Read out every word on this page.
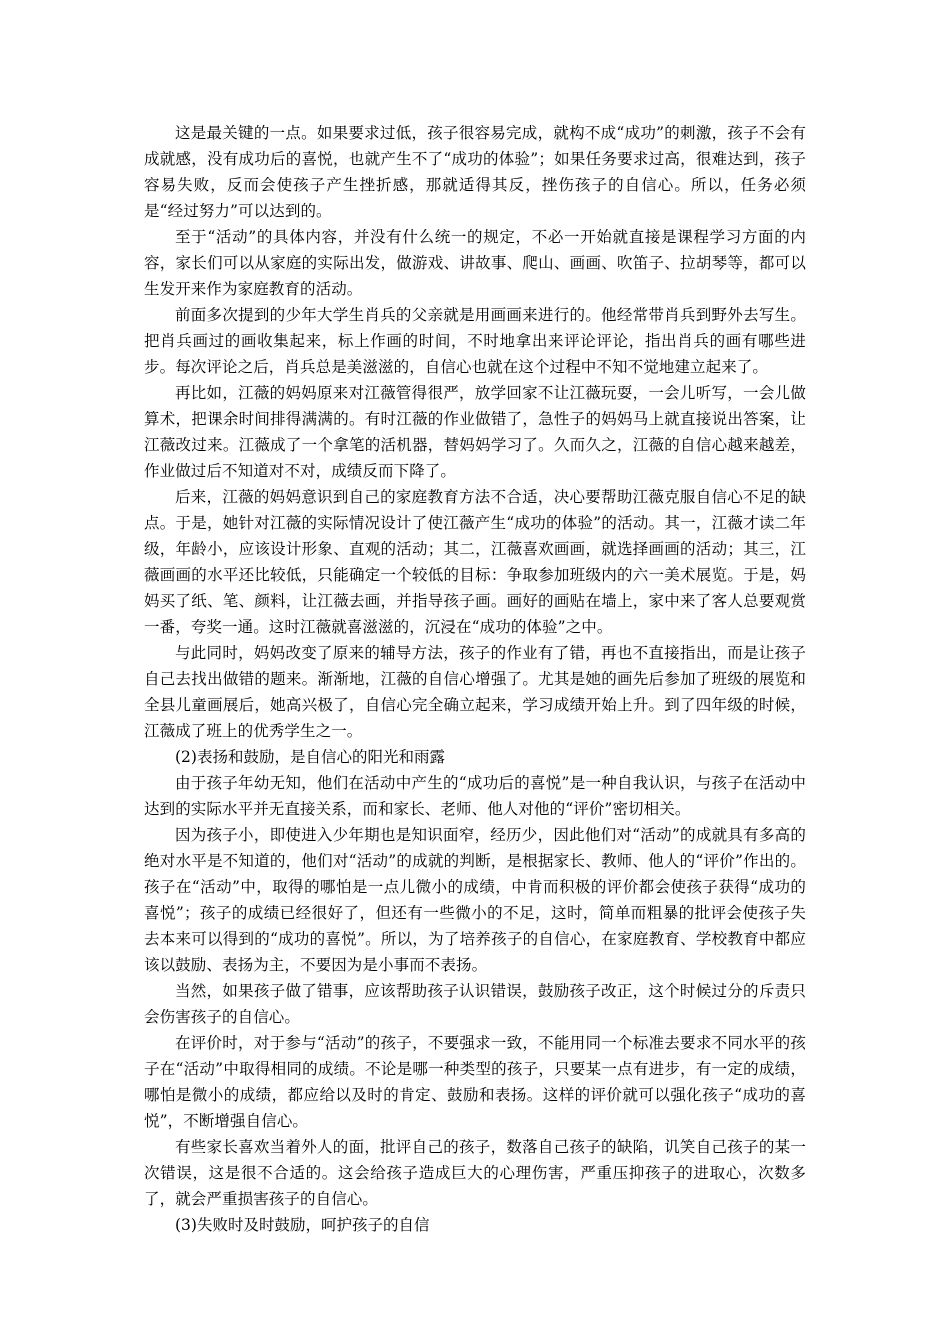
这是最关键的一点。如果要求过低，孩子很容易完成，就构不成“成功”的刺激，孩子不会有成就感，没有成功后的喜悦，也就产生不了“成功的体验”；如果任务要求过高，很难达到，孩子容易失败，反而会使孩子产生挫折感，那就适得其反，挫伤孩子的自信心。所以，任务必须是“经过努力”可以达到的。

至于“活动”的具体内容，并没有什么统一的规定，不必一开始就直接是课程学习方面的内容，家长们可以从家庭的实际出发，做游戏、讲故事、爬山、画画、吹笛子、拉胡琴等，都可以生发开来作为家庭教育的活动。

前面多次提到的少年大学生肖兵的父亲就是用画画来进行的。他经常带肖兵到野外去写生。把肖兵画过的画收集起来，标上作画的时间，不时地拿出来评论评论，指出肖兵的画有哪些进步。每次评论之后，肖兵总是美滋滋的，自信心也就在这个过程中不知不觉地建立起来了。

再比如，江薇的妈妈原来对江薇管得很严，放学回家不让江薇玩耍，一会儿听写，一会儿做算术，把课余时间排得满满的。有时江薇的作业做错了，急性子的妈妈马上就直接说出答案，让江薇改过来。江薇成了一个拿笔的活机器，替妈妈学习了。久而久之，江薇的自信心越来越差，作业做过后不知道对不对，成绩反而下降了。

后来，江薇的妈妈意识到自己的家庭教育方法不合适，决心要帮助江薇克服自信心不足的缺点。于是，她针对江薇的实际情况设计了使江薇产生“成功的体验”的活动。其一，江薇才读二年级，年龄小，应该设计形象、直观的活动；其二，江薇喜欢画画，就选择画画的活动；其三，江薇画画的水平还比较低，只能确定一个较低的目标：争取参加班级内的六一美术展览。于是，妈妈买了纸、笔、颜料，让江薇去画，并指导孩子画。画好的画贴在墙上，家中来了客人总要观赏一番，夸奖一通。这时江薇就喜滋滋的，沉浸在“成功的体验”之中。

与此同时，妈妈改变了原来的辅导方法，孩子的作业有了错，再也不直接指出，而是让孩子自己去找出做错的题来。渐渐地，江薇的自信心增强了。尤其是她的画先后参加了班级的展览和全县儿童画展后，她高兴极了，自信心完全确立起来，学习成绩开始上升。到了四年级的时候，江薇成了班上的优秀学生之一。

(2)表扬和鼓励，是自信心的阳光和雨露

由于孩子年幼无知，他们在活动中产生的“成功后的喜悦”是一种自我认识，与孩子在活动中达到的实际水平并无直接关系，而和家长、老师、他人对他的“评价”密切相关。

因为孩子小，即使进入少年期也是知识面窄，经历少，因此他们对“活动”的成就具有多高的绝对水平是不知道的，他们对“活动”的成就的判断，是根据家长、教师、他人的“评价”作出的。孩子在“活动”中，取得的哪怕是一点儿微小的成绩，中肯而积极的评价都会使孩子获得“成功的喜悦”；孩子的成绩已经很好了，但还有一些微小的不足，这时，简单而粗暴的批评会使孩子失去本来可以得到的“成功的喜悦”。所以，为了培养孩子的自信心，在家庭教育、学校教育中都应该以鼓励、表扬为主，不要因为是小事而不表扬。

当然，如果孩子做了错事，应该帮助孩子认识错误，鼓励孩子改正，这个时候过分的斥责只会伤害孩子的自信心。

在评价时，对于参与“活动”的孩子，不要强求一致，不能用同一个标准去要求不同水平的孩子在“活动”中取得相同的成绩。不论是哪一种类型的孩子，只要某一点有进步，有一定的成绩，哪怕是微小的成绩，都应给以及时的肯定、鼓励和表扬。这样的评价就可以强化孩子“成功的喜悦”，不断增强自信心。

有些家长喜欢当着外人的面，批评自己的孩子，数落自己孩子的缺陷，讥笑自己孩子的某一次错误，这是很不合适的。这会给孩子造成巨大的心理伤害，严重压抑孩子的进取心，次数多了，就会严重损害孩子的自信心。

(3)失败时及时鼓励，呵护孩子的自信
